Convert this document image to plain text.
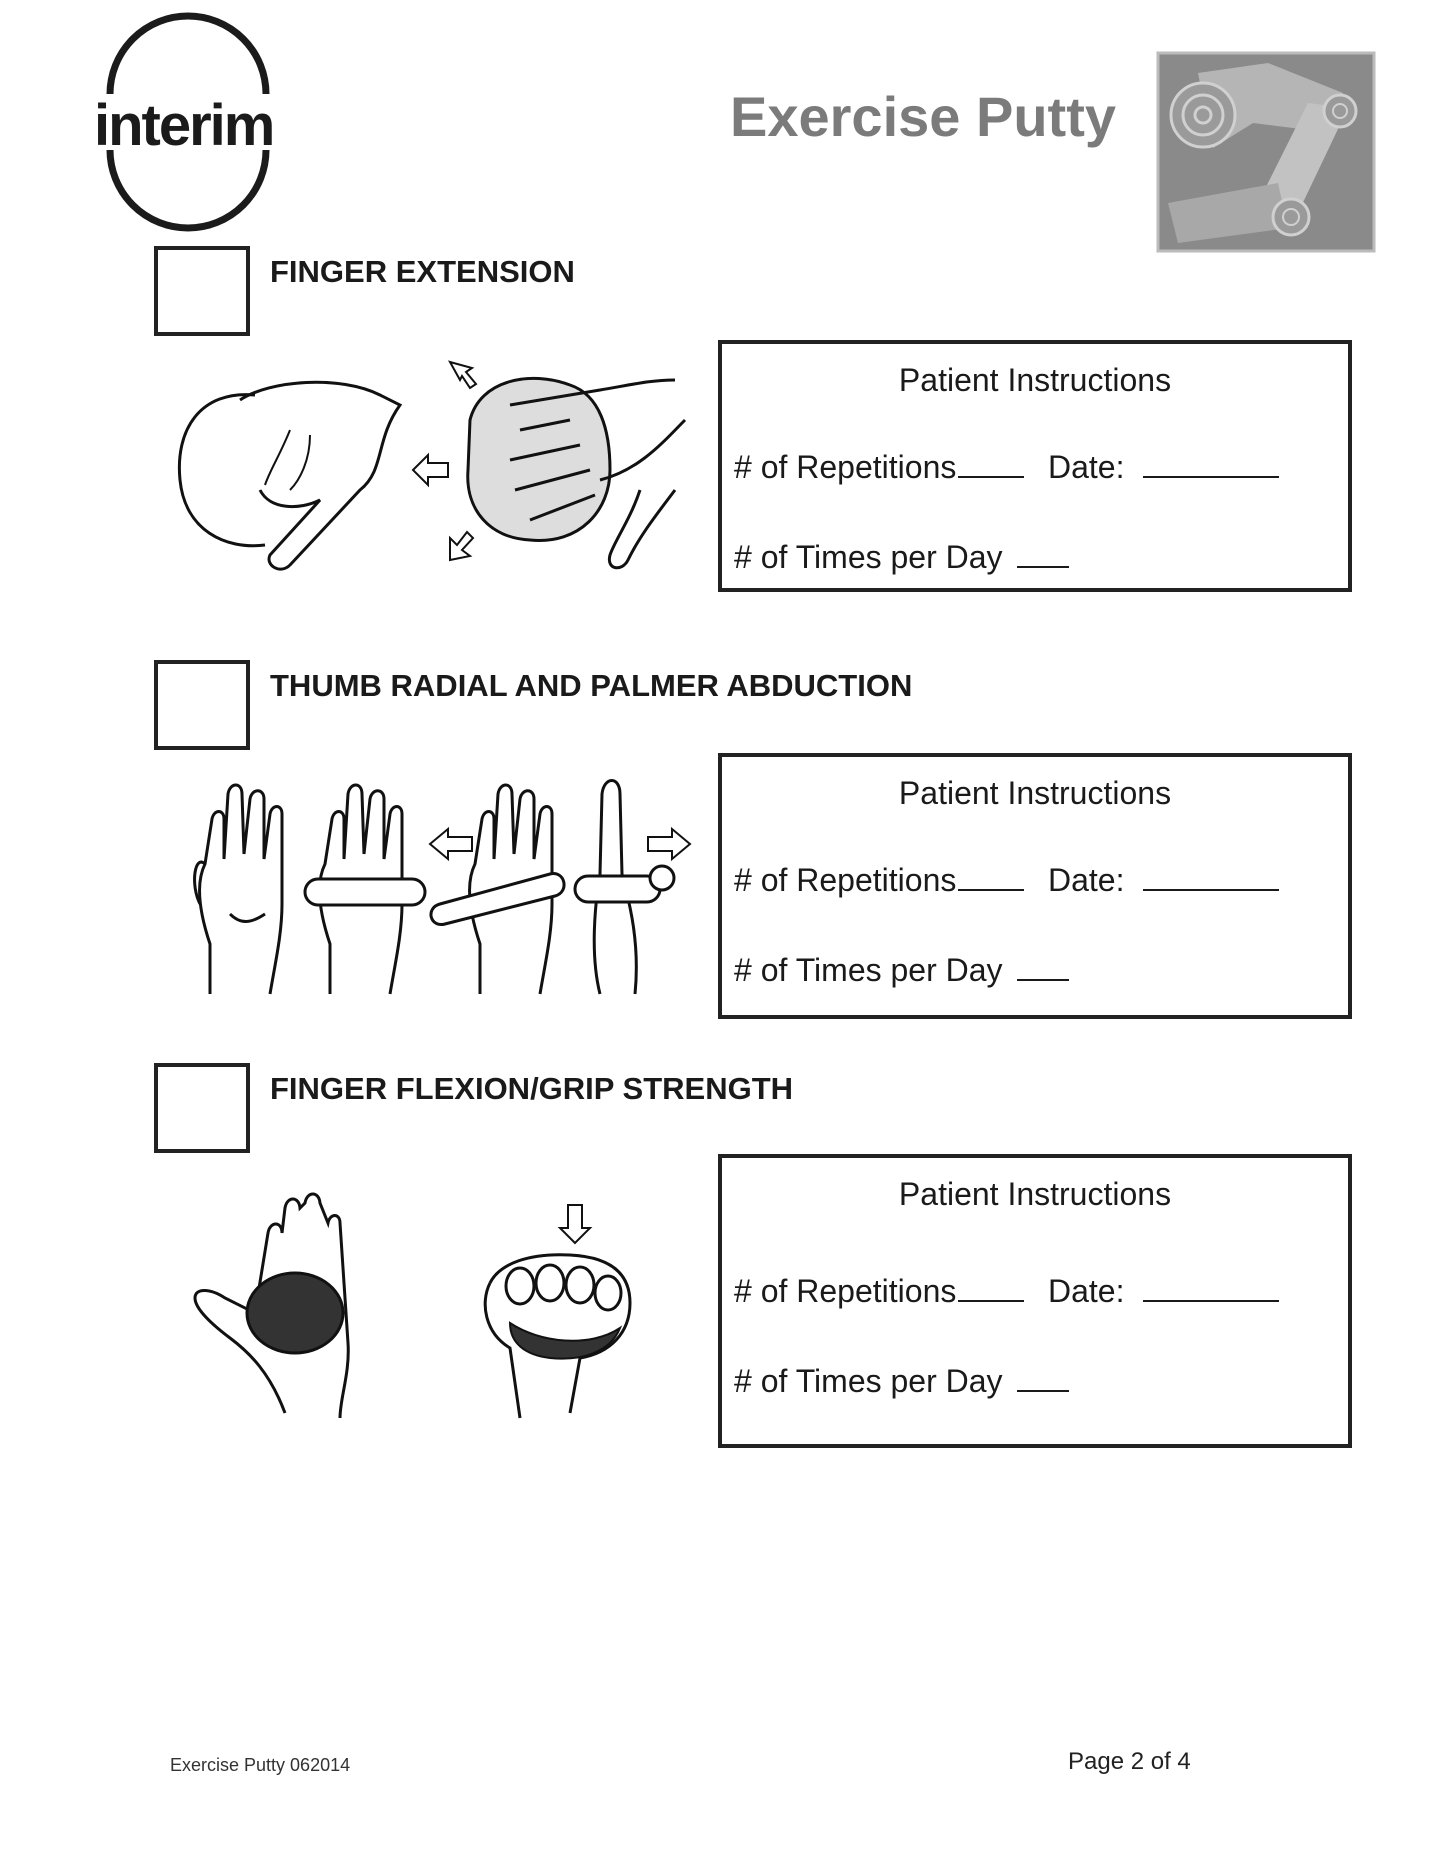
interim	Exercise Putty
FINGER EXTENSION
Patient Instructions
# of Repetitions	Date:
# of Times per Day
THUMB RADIAL AND PALMER ABDUCTION
Patient Instructions
# of Repetitions	Date:
# of Times per Day
FINGER FLEXION/GRIP STRENGTH
Patient Instructions
# of Repetitions	Date:
# of Times per Day
Exercise Putty 062014	Page 2 of 4
